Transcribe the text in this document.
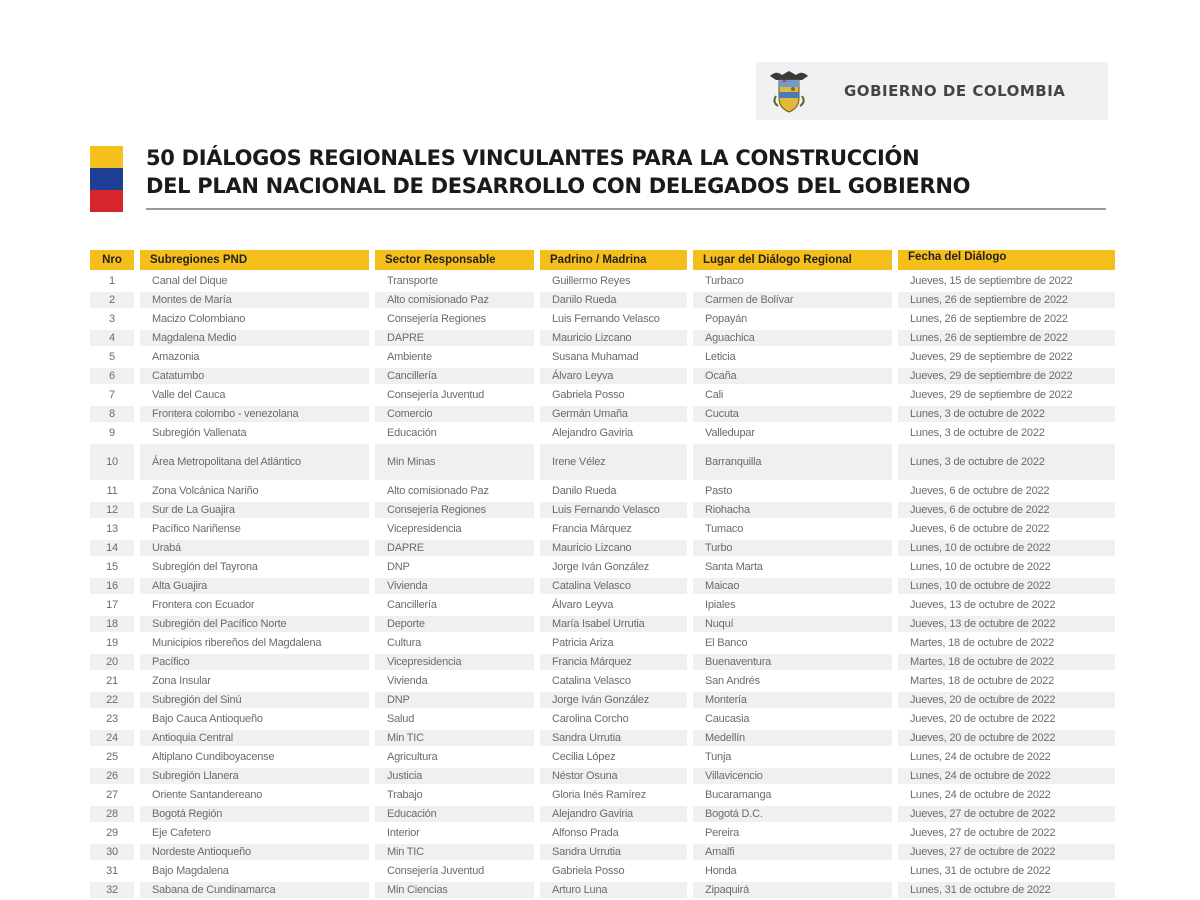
GOBIERNO DE COLOMBIA
50 DIÁLOGOS REGIONALES VINCULANTES PARA LA CONSTRUCCIÓN
DEL PLAN NACIONAL DE DESARROLLO CON DELEGADOS DEL GOBIERNO
Nro	Subregiones PND	Sector Responsable	Padrino / Madrina	Lugar del Diálogo Regional	Fecha del Diálogo
1	Canal del Dique	Transporte	Guillermo Reyes	Turbaco	Jueves, 15 de septiembre de 2022
2	Montes de María	Alto comisionado Paz	Danilo Rueda	Carmen de Bolívar	Lunes, 26 de septiembre de 2022
3	Macizo Colombiano	Consejería Regiones	Luis Fernando Velasco	Popayán	Lunes, 26 de septiembre de 2022
4	Magdalena Medio	DAPRE	Mauricio Lizcano	Aguachica	Lunes, 26 de septiembre de 2022
5	Amazonia	Ambiente	Susana Muhamad	Leticia	Jueves, 29 de septiembre de 2022
6	Catatumbo	Cancillería	Álvaro Leyva	Ocaña	Jueves, 29 de septiembre de 2022
7	Valle del Cauca	Consejería Juventud	Gabriela Posso	Cali	Jueves, 29 de septiembre de 2022
8	Frontera colombo - venezolana	Comercio	Germán Umaña	Cucuta	Lunes, 3 de octubre de 2022
9	Subregión Vallenata	Educación	Alejandro Gaviria	Valledupar	Lunes, 3 de octubre de 2022
10	Área Metropolitana del Atlántico	Min Minas	Irene Vélez	Barranquilla	Lunes, 3 de octubre de 2022
11	Zona Volcánica Nariño	Alto comisionado Paz	Danilo Rueda	Pasto	Jueves, 6 de octubre de 2022
12	Sur de La Guajira	Consejería Regiones	Luis Fernando Velasco	Riohacha	Jueves, 6 de octubre de 2022
13	Pacífico Nariñense	Vicepresidencia	Francia Márquez	Tumaco	Jueves, 6 de octubre de 2022
14	Urabá	DAPRE	Mauricio Lizcano	Turbo	Lunes, 10 de octubre de 2022
15	Subregión del Tayrona	DNP	Jorge Iván González	Santa Marta	Lunes, 10 de octubre de 2022
16	Alta Guajira	Vivienda	Catalina Velasco	Maicao	Lunes, 10 de octubre de 2022
17	Frontera con Ecuador	Cancillería	Álvaro Leyva	Ipiales	Jueves, 13 de octubre de 2022
18	Subregión del Pacífico Norte	Deporte	María Isabel Urrutia	Nuquí	Jueves, 13 de octubre de 2022
19	Municipios ribereños del Magdalena	Cultura	Patricia Ariza	El Banco	Martes, 18 de octubre de 2022
20	Pacífico	Vicepresidencia	Francia Márquez	Buenaventura	Martes, 18 de octubre de 2022
21	Zona Insular	Vivienda	Catalina Velasco	San Andrés	Martes, 18 de octubre de 2022
22	Subregión del Sinú	DNP	Jorge Iván González	Montería	Jueves, 20 de octubre de 2022
23	Bajo Cauca Antioqueño	Salud	Carolina Corcho	Caucasia	Jueves, 20 de octubre de 2022
24	Antioquia Central	Min TIC	Sandra Urrutia	Medellín	Jueves, 20 de octubre de 2022
25	Altiplano Cundiboyacense	Agricultura	Cecilia López	Tunja	Lunes, 24 de octubre de 2022
26	Subregión Llanera	Justicia	Néstor Osuna	Villavicencio	Lunes, 24 de octubre de 2022
27	Oriente Santandereano	Trabajo	Gloria Inés Ramírez	Bucaramanga	Lunes, 24 de octubre de 2022
28	Bogotá Región	Educación	Alejandro Gaviria	Bogotá D.C.	Jueves, 27 de octubre de 2022
29	Eje Cafetero	Interior	Alfonso Prada	Pereira	Jueves, 27 de octubre de 2022
30	Nordeste Antioqueño	Min TIC	Sandra Urrutia	Amalfi	Jueves, 27 de octubre de 2022
31	Bajo Magdalena	Consejería Juventud	Gabriela Posso	Honda	Lunes, 31 de octubre de 2022
32	Sabana de Cundinamarca	Min Ciencias	Arturo Luna	Zipaquirá	Lunes, 31 de octubre de 2022
